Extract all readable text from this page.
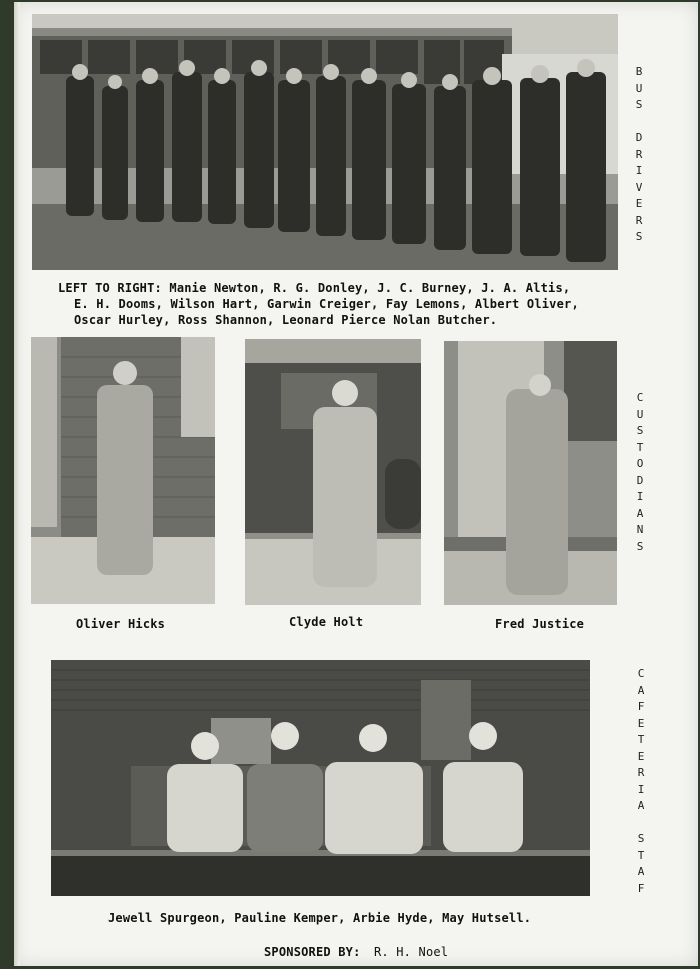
B
U
S

D
R
I
V
E
R
S
LEFT TO RIGHT: Manie Newton, R. G. Donley, J. C. Burney, J. A. Altis,
E. H. Dooms, Wilson Hart, Garwin Creiger, Fay Lemons, Albert Oliver,
Oscar Hurley, Ross Shannon, Leonard Pierce Nolan Butcher.
C
U
S
T
O
D
I
A
N
S
Oliver Hicks	Clyde Holt	Fred Justice
C
A
F
E
T
E
R
I
A

S
T
A
F
Jewell Spurgeon, Pauline Kemper, Arbie Hyde, May Hutsell.
SPONSORED BY: R. H. Noel
